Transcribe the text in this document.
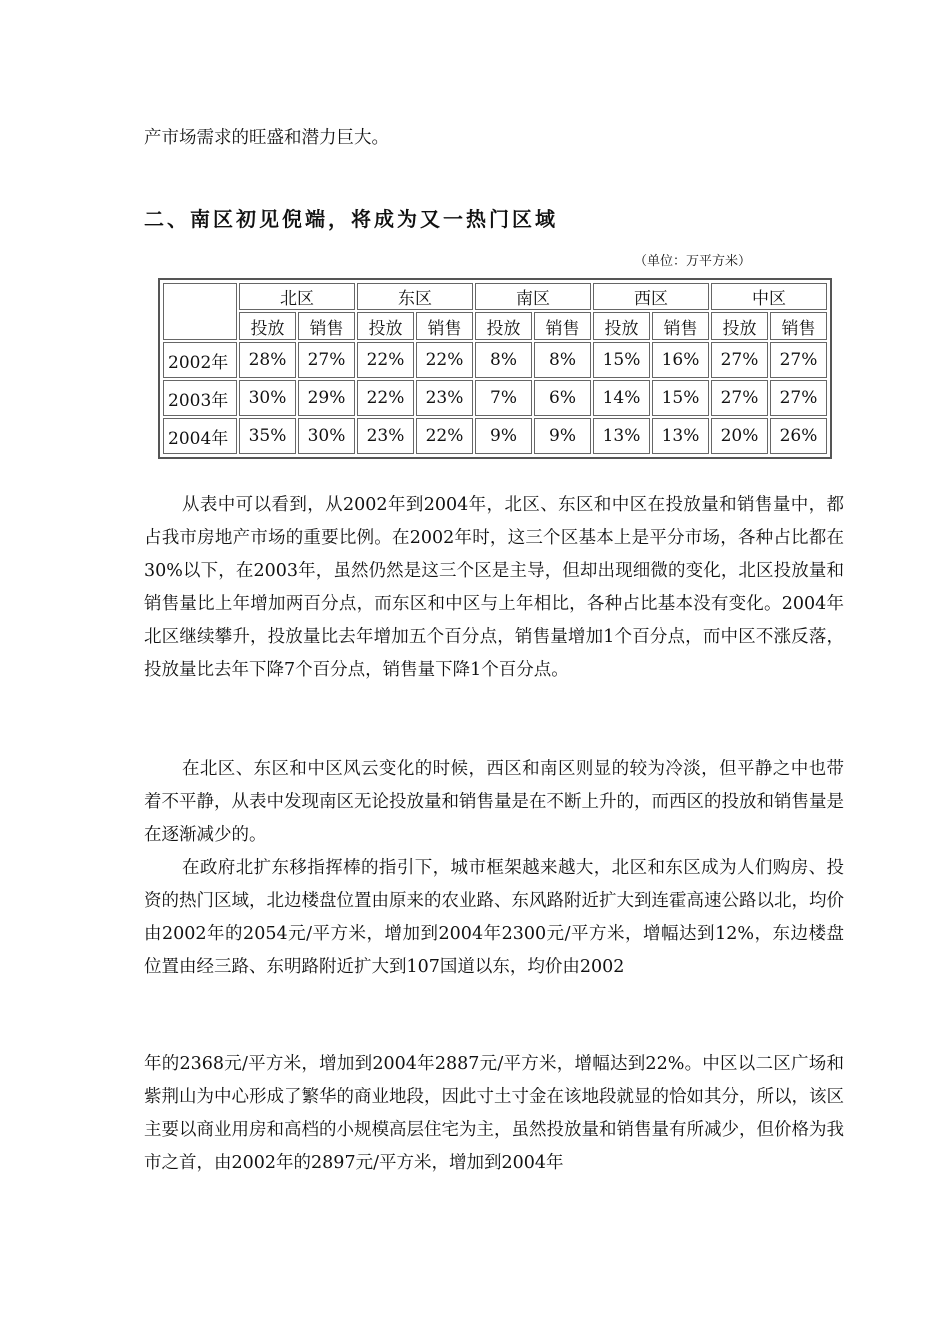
产市场需求的旺盛和潜力巨大。

二、南区初见倪端，将成为又一热门区域

（单位：万平方米）

	北区		东区		南区		西区		中区	
	投放	销售	投放	销售	投放	销售	投放	销售	投放	销售
2002年	28%	27%	22%	22%	8%	8%	15%	16%	27%	27%
2003年	30%	29%	22%	23%	7%	6%	14%	15%	27%	27%
2004年	35%	30%	23%	22%	9%	9%	13%	13%	20%	26%

从表中可以看到，从2002年到2004年，北区、东区和中区在投放量和销售量中，都占我市房地产市场的重要比例。在2002年时，这三个区基本上是平分市场，各种占比都在30%以下，在2003年，虽然仍然是这三个区是主导，但却出现细微的变化，北区投放量和销售量比上年增加两百分点，而东区和中区与上年相比，各种占比基本没有变化。2004年北区继续攀升，投放量比去年增加五个百分点，销售量增加1个百分点，而中区不涨反落，投放量比去年下降7个百分点，销售量下降1个百分点。

在北区、东区和中区风云变化的时候，西区和南区则显的较为冷淡，但平静之中也带着不平静，从表中发现南区无论投放量和销售量是在不断上升的，而西区的投放和销售量是在逐渐减少的。

在政府北扩东移指挥棒的指引下，城市框架越来越大，北区和东区成为人们购房、投资的热门区域，北边楼盘位置由原来的农业路、东风路附近扩大到连霍高速公路以北，均价由2002年的2054元/平方米，增加到2004年2300元/平方米，增幅达到12%，东边楼盘位置由经三路、东明路附近扩大到107国道以东，均价由2002

年的2368元/平方米，增加到2004年2887元/平方米，增幅达到22%。中区以二区广场和紫荆山为中心形成了繁华的商业地段，因此寸土寸金在该地段就显的恰如其分，所以，该区主要以商业用房和高档的小规模高层住宅为主，虽然投放量和销售量有所减少，但价格为我市之首，由2002年的2897元/平方米，增加到2004年
